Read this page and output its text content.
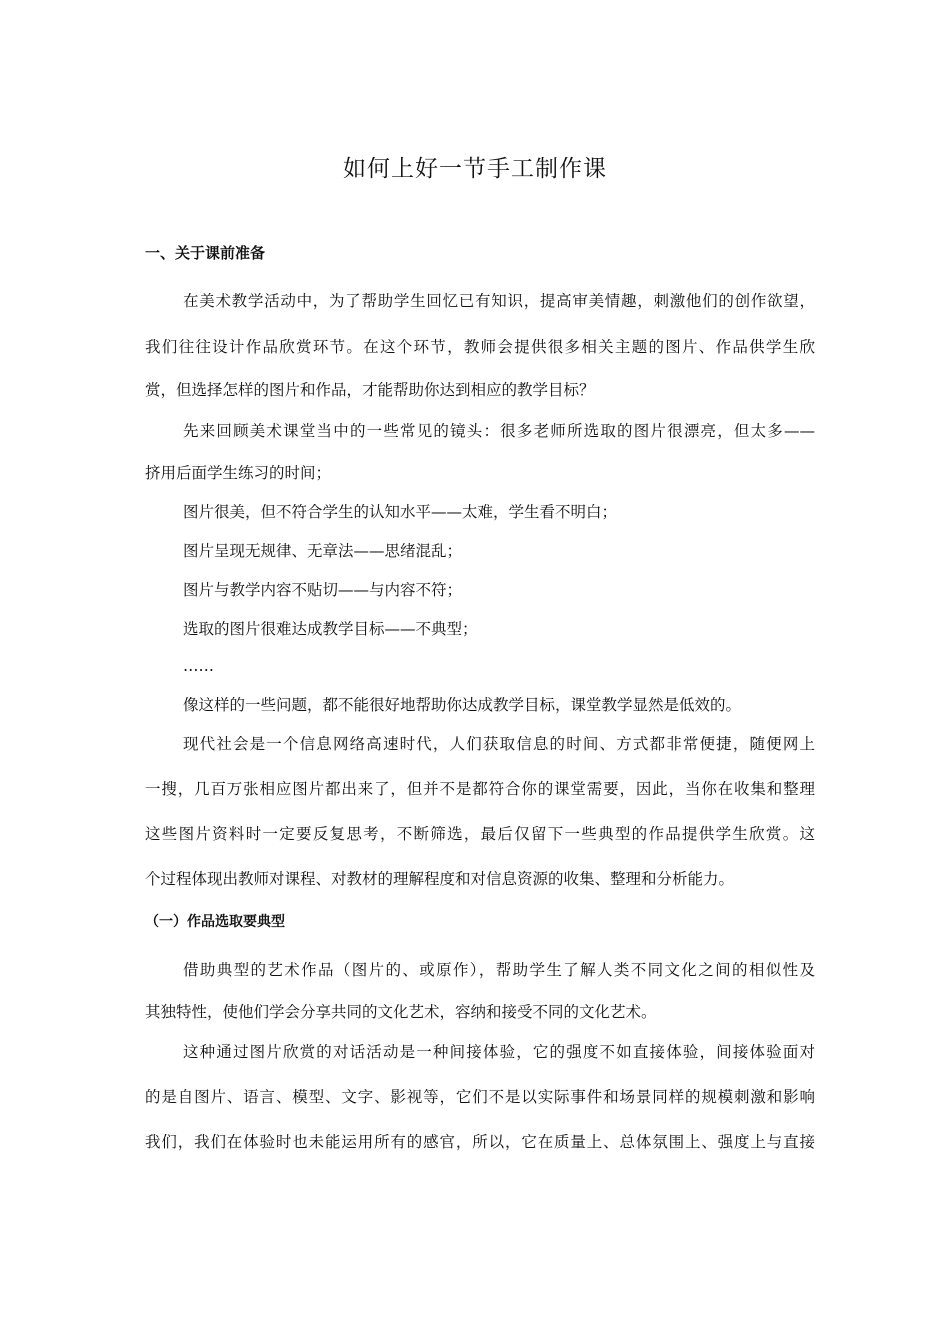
如何上好一节手工制作课
一、关于课前准备
在美术教学活动中，为了帮助学生回忆已有知识，提高审美情趣，刺激他们的创作欲望，
我们往往设计作品欣赏环节。在这个环节，教师会提供很多相关主题的图片、作品供学生欣
赏，但选择怎样的图片和作品，才能帮助你达到相应的教学目标？
先来回顾美术课堂当中的一些常见的镜头：很多老师所选取的图片很漂亮，但太多——
挤用后面学生练习的时间；
图片很美，但不符合学生的认知水平——太难，学生看不明白；
图片呈现无规律、无章法——思绪混乱；
图片与教学内容不贴切——与内容不符；
选取的图片很难达成教学目标——不典型；
……
像这样的一些问题，都不能很好地帮助你达成教学目标，课堂教学显然是低效的。
现代社会是一个信息网络高速时代，人们获取信息的时间、方式都非常便捷，随便网上
一搜，几百万张相应图片都出来了，但并不是都符合你的课堂需要，因此，当你在收集和整理
这些图片资料时一定要反复思考，不断筛选，最后仅留下一些典型的作品提供学生欣赏。这
个过程体现出教师对课程、对教材的理解程度和对信息资源的收集、整理和分析能力。
（一）作品选取要典型
借助典型的艺术作品（图片的、或原作），帮助学生了解人类不同文化之间的相似性及
其独特性，使他们学会分享共同的文化艺术，容纳和接受不同的文化艺术。
这种通过图片欣赏的对话活动是一种间接体验，它的强度不如直接体验，间接体验面对
的是自图片、语言、模型、文字、影视等，它们不是以实际事件和场景同样的规模刺激和影响
我们，我们在体验时也未能运用所有的感官，所以，它在质量上、总体氛围上、强度上与直接
